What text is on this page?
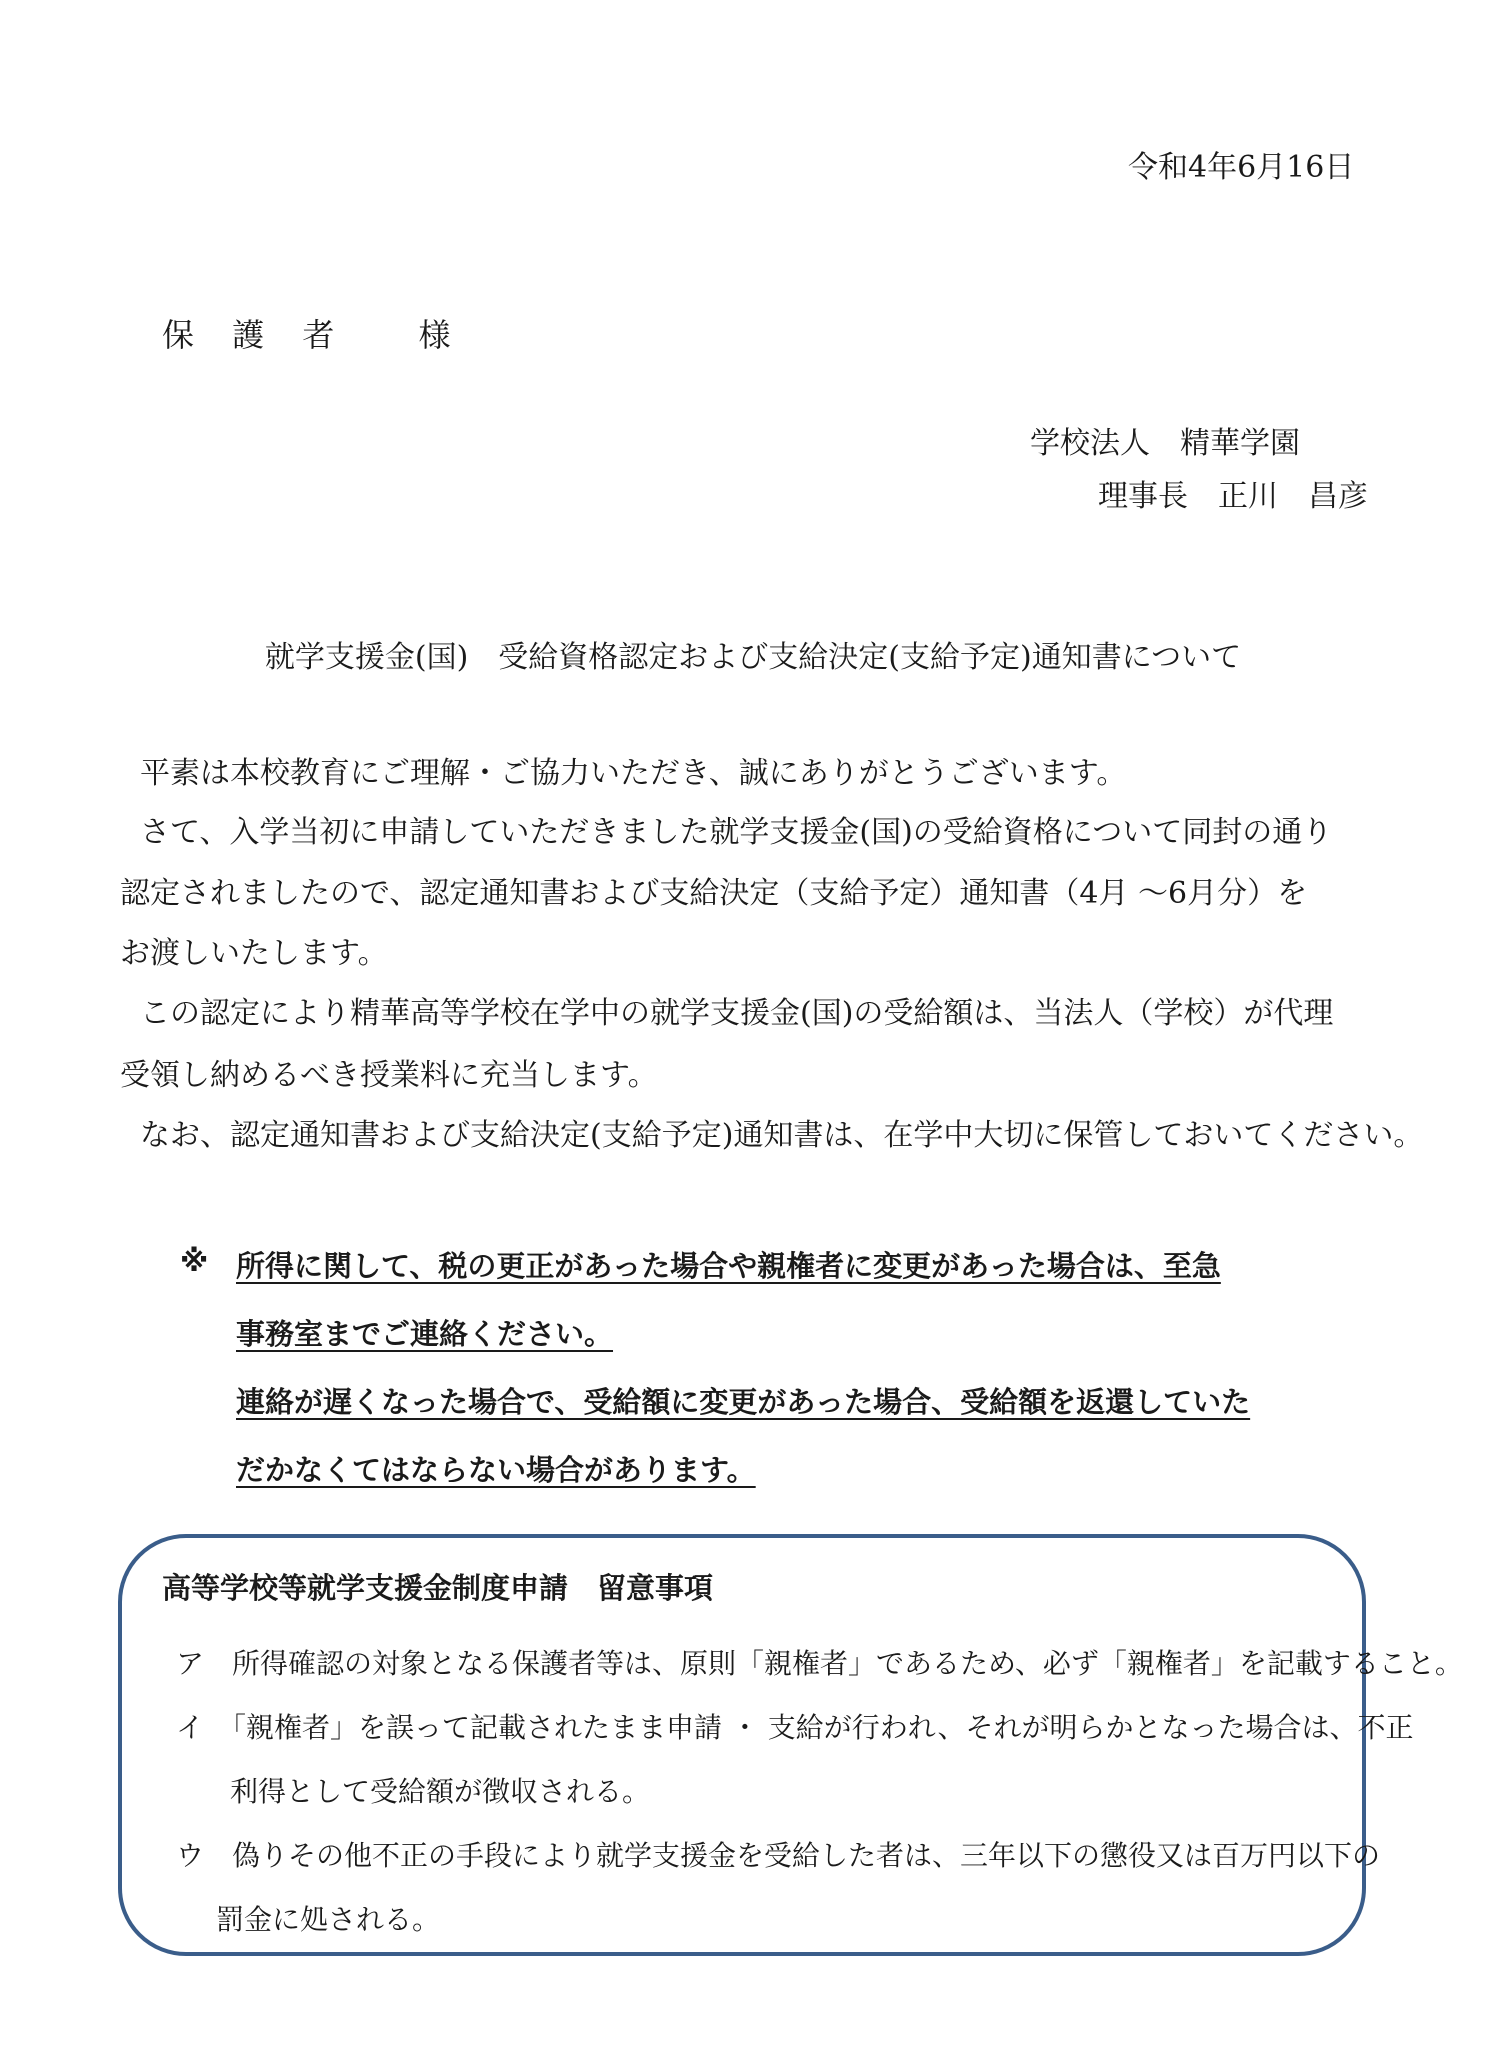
令和4年6月16日
保 護 者 　様
学校法人　精華学園
理事長　正川　昌彦
就学支援金(国)　受給資格認定および支給決定(支給予定)通知書について
平素は本校教育にご理解・ご協力いただき、誠にありがとうございます。
さて、入学当初に申請していただきました就学支援金(国)の受給資格について同封の通り
認定されましたので、認定通知書および支給決定（支給予定）通知書（4月 ～6月分）を
お渡しいたします。
この認定により精華高等学校在学中の就学支援金(国)の受給額は、当法人（学校）が代理
受領し納めるべき授業料に充当します。
なお、認定通知書および支給決定(支給予定)通知書は、在学中大切に保管しておいてください。
※ 所得に関して、税の更正があった場合や親権者に変更があった場合は、至急
事務室までご連絡ください。
連絡が遅くなった場合で、受給額に変更があった場合、受給額を返還していた
だかなくてはならない場合があります。
高等学校等就学支援金制度申請　留意事項
ア　所得確認の対象となる保護者等は、原則「親権者」であるため、必ず「親権者」を記載すること。
イ　「親権者」を誤って記載されたまま申請 ・ 支給が行われ、それが明らかとなった場合は、不正
利得として受給額が徴収される。
ウ　偽りその他不正の手段により就学支援金を受給した者は、三年以下の懲役又は百万円以下の
罰金に処される。
